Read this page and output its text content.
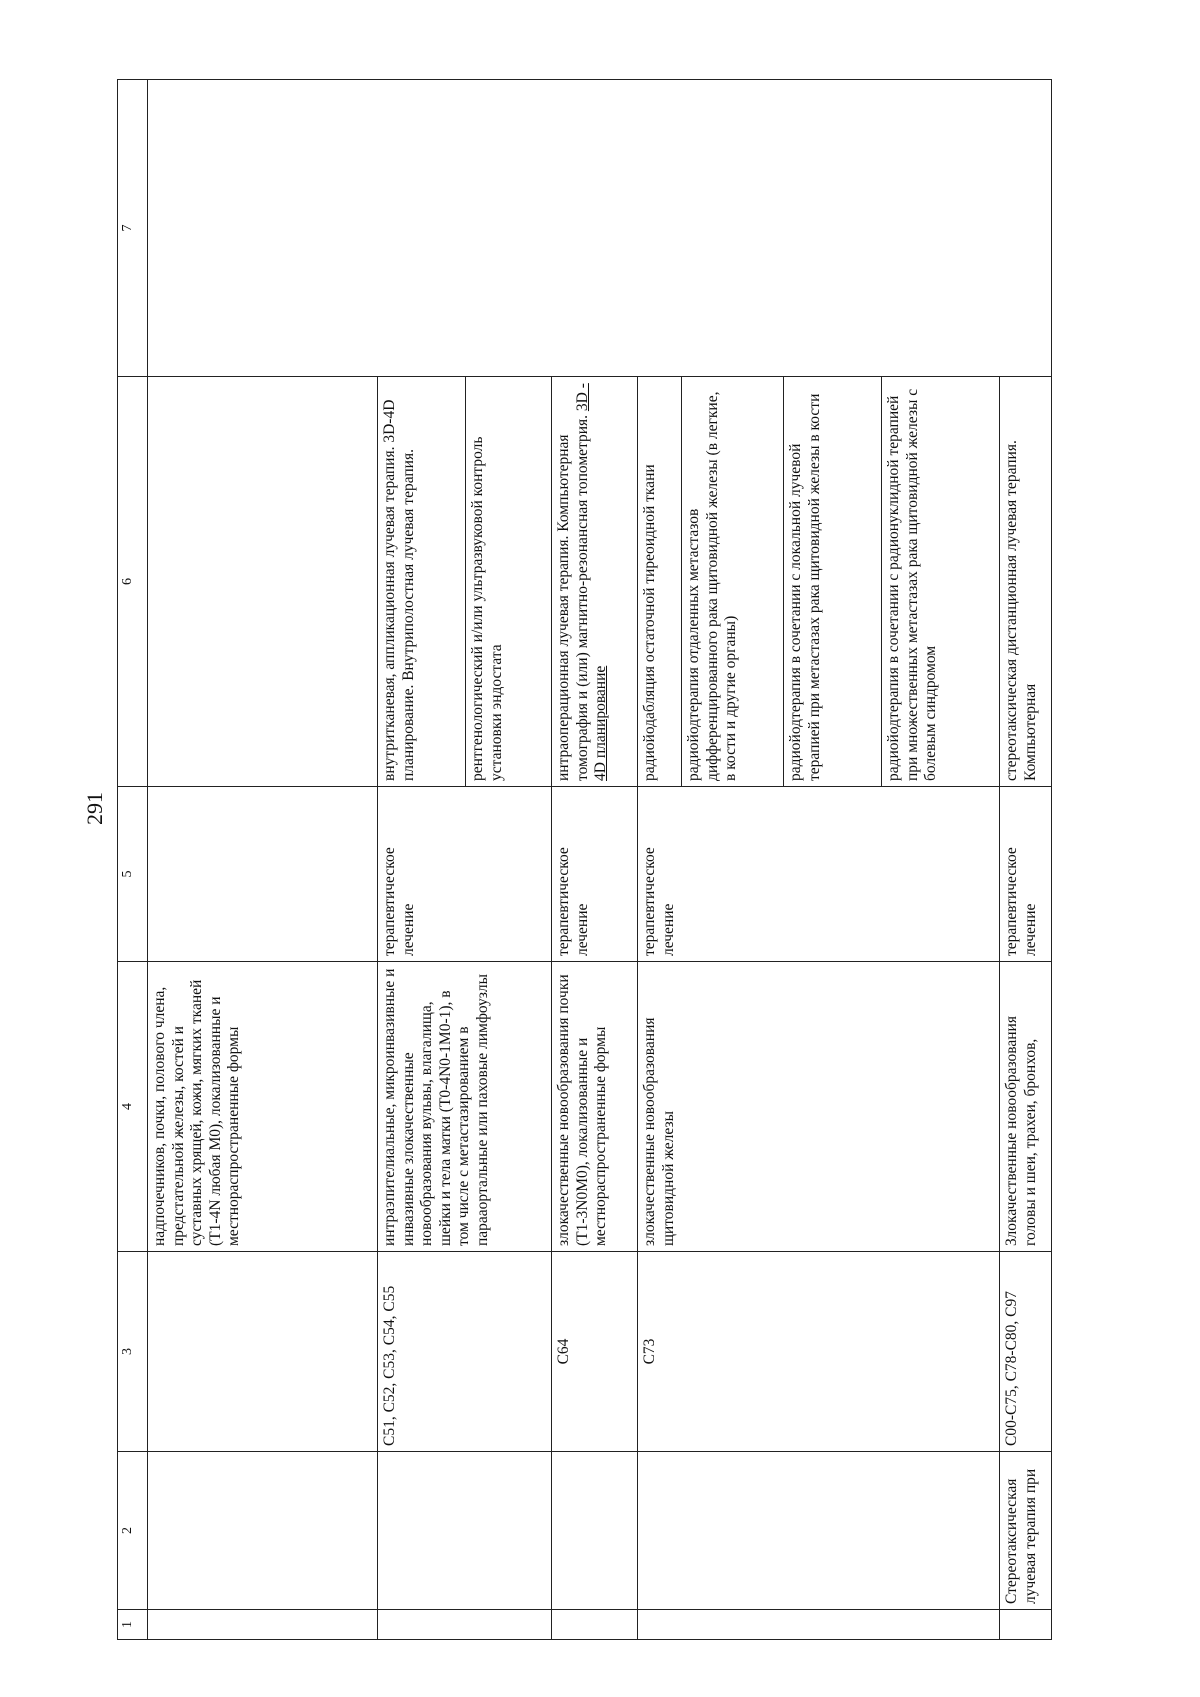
291
1	2	3	4	5	6	7
			надпочечников, почки, полового члена, предстательной железы, костей и суставных хрящей, кожи, мягких тканей (T1-4N любая M0), локализованные и местнораспространенные формы			
		C51, C52, C53, C54, C55	интраэпителиальные, микроинвазивные и инвазивные злокачественные новообразования вульвы, влагалища, шейки и тела матки (T0-4N0-1M0-1), в том числе с метастазированием в парааортальные или паховые лимфоузлы	терапевтическое лечение	внутритканевая, аппликационная лучевая терапия. 3D-4D планирование. Внутриполостная лучевая терапия.	
					рентгенологический и/или ультразвуковой контроль установки эндостата	
		C64	злокачественные новообразования почки (T1-3N0M0), локализованные и местнораспространенные формы	терапевтическое лечение	интраоперационная лучевая терапия. Компьютерная томография и (или) магнитно-резонансная топометрия. 3D - 4D планирование	
		C73	злокачественные новообразования щитовидной железы	терапевтическое лечение	радиойодабляция остаточной тиреоидной ткани	
					радиойодтерапия отдаленных метастазов дифференцированного рака щитовидной железы (в легкие, в кости и другие органы)	
					радиойодтерапия в сочетании с локальной лучевой терапией при метастазах рака щитовидной железы в кости	
					радиойодтерапия в сочетании с радионуклидной терапией при множественных метастазах рака щитовидной железы с болевым синдромом	
	Стереотаксическая лучевая терапия при	C00-C75, C78-C80, C97	Злокачественные новообразования головы и шеи, трахеи, бронхов,	терапевтическое лечение	стереотаксическая дистанционная лучевая терапия. Компьютерная	
